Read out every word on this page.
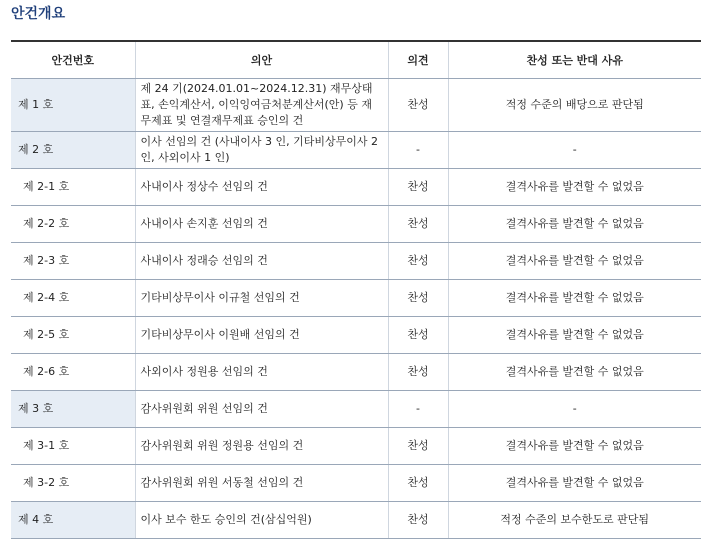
안건개요
안건번호	의안	의견	찬성 또는 반대 사유
제 1 호	제 24 기(2024.01.01~2024.12.31) 재무상태표, 손익계산서, 이익잉여금처분계산서(안) 등 재무제표 및 연결재무제표 승인의 건	찬성	적정 수준의 배당으로 판단됨
제 2 호	이사 선임의 건 (사내이사 3 인, 기타비상무이사 2 인, 사외이사 1 인)	-	-
제 2-1 호	사내이사 정상수 선임의 건	찬성	결격사유를 발견할 수 없었음
제 2-2 호	사내이사 손지훈 선임의 건	찬성	결격사유를 발견할 수 없었음
제 2-3 호	사내이사 정래승 선임의 건	찬성	결격사유를 발견할 수 없었음
제 2-4 호	기타비상무이사 이규철 선임의 건	찬성	결격사유를 발견할 수 없었음
제 2-5 호	기타비상무이사 이원배 선임의 건	찬성	결격사유를 발견할 수 없었음
제 2-6 호	사외이사 정원용 선임의 건	찬성	결격사유를 발견할 수 없었음
제 3 호	감사위원회 위원 선임의 건	-	-
제 3-1 호	감사위원회 위원 정원용 선임의 건	찬성	결격사유를 발견할 수 없었음
제 3-2 호	감사위원회 위원 서동철 선임의 건	찬성	결격사유를 발견할 수 없었음
제 4 호	이사 보수 한도 승인의 건(삼십억원)	찬성	적정 수준의 보수한도로 판단됨
